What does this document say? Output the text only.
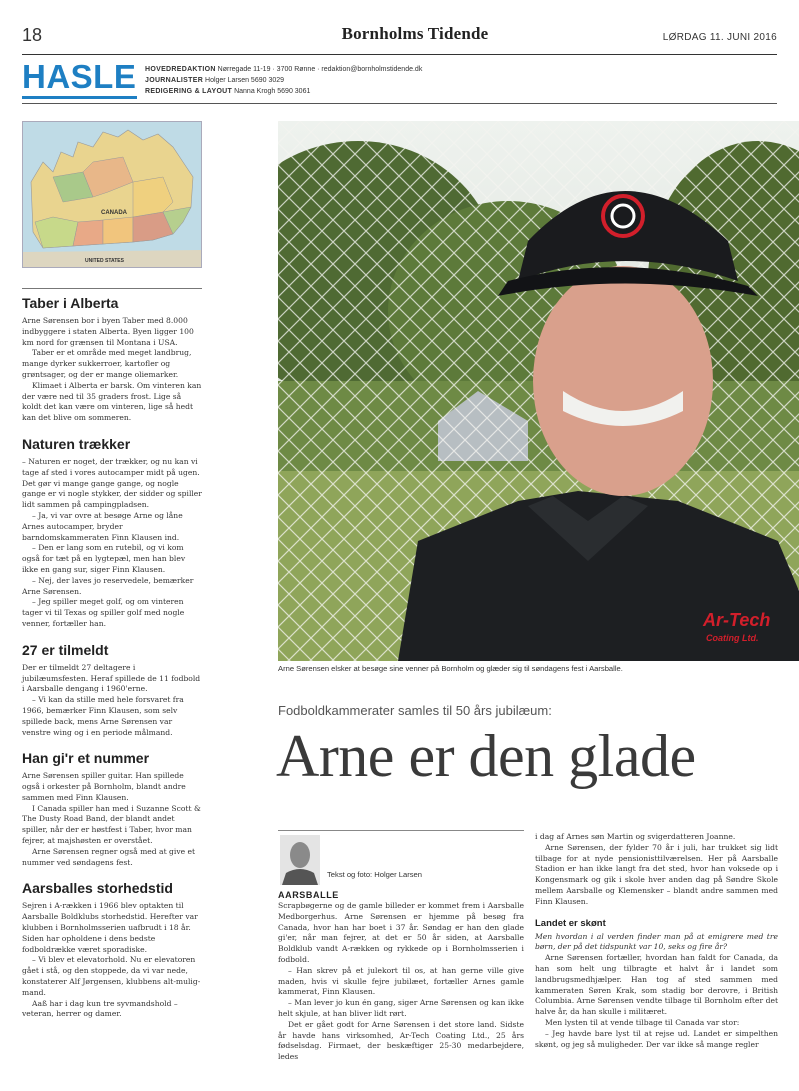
18	Bornholms Tidende	LØRDAG 11. JUNI 2016
HASLE HOVEDREDAKTION Nørregade 11-19 · 3700 Rønne · redaktion@bornholmstidende.dk
JOURNALISTER Holger Larsen 5690 3029
REDIGERING & LAYOUT Nanna Krogh 5690 3061
CANADA
UNITED STATES
Taber i Alberta

Arne Sørensen bor i byen Taber med 8.000 indbyggere i staten Alberta. Byen ligger 100 km nord for grænsen til Montana i USA.

Taber er et område med meget landbrug, mange dyrker sukkerroer, kartofler og grøntsager, og der er mange oliemarker.

Klimaet i Alberta er barsk. Om vinteren kan der være ned til 35 graders frost. Lige så koldt det kan være om vinteren, lige så hedt kan det blive om sommeren.

Naturen trækker

– Naturen er noget, der trækker, og nu kan vi tage af sted i vores autocamper midt på ugen. Det gør vi mange gange gange, og nogle gange er vi nogle stykker, der sidder og spiller lidt sammen på campingpladsen.

– Ja, vi var ovre at besøge Arne og låne Arnes autocamper, bryder barndomskammeraten Finn Klausen ind.

– Den er lang som en rutebil, og vi kom også for tæt på en lygtepæl, men han blev ikke en gang sur, siger Finn Klausen.

– Nej, der laves jo reservedele, bemærker Arne Sørensen.

– Jeg spiller meget golf, og om vinteren tager vi til Texas og spiller golf med nogle venner, fortæller han.

27 er tilmeldt

Der er tilmeldt 27 deltagere i jubilæumsfesten. Heraf spillede de 11 fodbold i Aarsballe dengang i 1960'erne.

– Vi kan da stille med hele forsvaret fra 1966, bemærker Finn Klausen, som selv spillede back, mens Arne Sørensen var venstre wing og i en periode målmand.

Han gi'r et nummer

Arne Sørensen spiller guitar. Han spillede også i orkester på Bornholm, blandt andre sammen med Finn Klausen.

I Canada spiller han med i Suzanne Scott & The Dusty Road Band, der blandt andet spiller, når der er høstfest i Taber, hvor man fejrer, at majshøsten er overstået.

Arne Sørensen regner også med at give et nummer ved søndagens fest.

Aarsballes storhedstid

Sejren i A-rækken i 1966 blev optakten til Aarsballe Boldklubs storhedstid. Herefter var klubben i Bornholmsserien uafbrudt i 18 år. Siden har opholdene i dens bedste fodboldrække været sporadiske.

– Vi blev et elevatorhold. Nu er elevatoren gået i stå, og den stoppede, da vi var nede, konstaterer Alf Jørgensen, klubbens alt-mulig-mand.

Aaß har i dag kun tre syvmandshold – veteran, herrer og damer.

Ar-Tech
Coating Ltd.
Arne Sørensen elsker at besøge sine venner på Bornholm og glæder sig til søndagens fest i Aarsballe.
Fodboldkammerater samles til 50 års jubilæum:
Arne er den glade
Tekst og foto: Holger Larsen
AARSBALLE

Scrapbøgerne og de gamle billeder er kommet frem i Aarsballe Medborgerhus. Arne Sørensen er hjemme på besøg fra Canada, hvor han har boet i 37 år. Søndag er han den glade gi'er, når man fejrer, at det er 50 år siden, at Aarsballe Boldklub vandt A-rækken og rykkede op i Bornholmsserien i fodbold.

– Han skrev på et julekort til os, at han gerne ville give maden, hvis vi skulle fejre jubilæet, fortæller Arnes gamle kammerat, Finn Klausen.

– Man lever jo kun én gang, siger Arne Sørensen og kan ikke helt skjule, at han bliver lidt rørt.

Det er gået godt for Arne Sørensen i det store land. Sidste år havde hans virksomhed, Ar-Tech Coating Ltd., 25 års fødselsdag. Firmaet, der beskæftiger 25-30 medarbejdere, ledes

i dag af Arnes søn Martin og svigerdatteren Joanne.

Arne Sørensen, der fylder 70 år i juli, har trukket sig lidt tilbage for at nyde pensionisttilværelsen. Her på Aarsballe Stadion er han ikke langt fra det sted, hvor han voksede op i Kongensmark og gik i skole hver anden dag på Søndre Skole mellem Aarsballe og Klemensker – blandt andre sammen med Finn Klausen.

Landet er skønt

Men hvordan i al verden finder man på at emigrere med tre børn, der på det tidspunkt var 10, seks og fire år?

Arne Sørensen fortæller, hvordan han faldt for Canada, da han som helt ung tilbragte et halvt år i landet som landbrugsmedhjælper. Han tog af sted sammen med kammeraten Søren Krak, som stadig bor derovre, i British Columbia. Arne Sørensen vendte tilbage til Bornholm efter det halve år, da han skulle i militæret.

Men lysten til at vende tilbage til Canada var stor:

– Jeg havde bare lyst til at rejse ud. Landet er simpelthen skønt, og jeg så muligheder. Der var ikke så mange regler
